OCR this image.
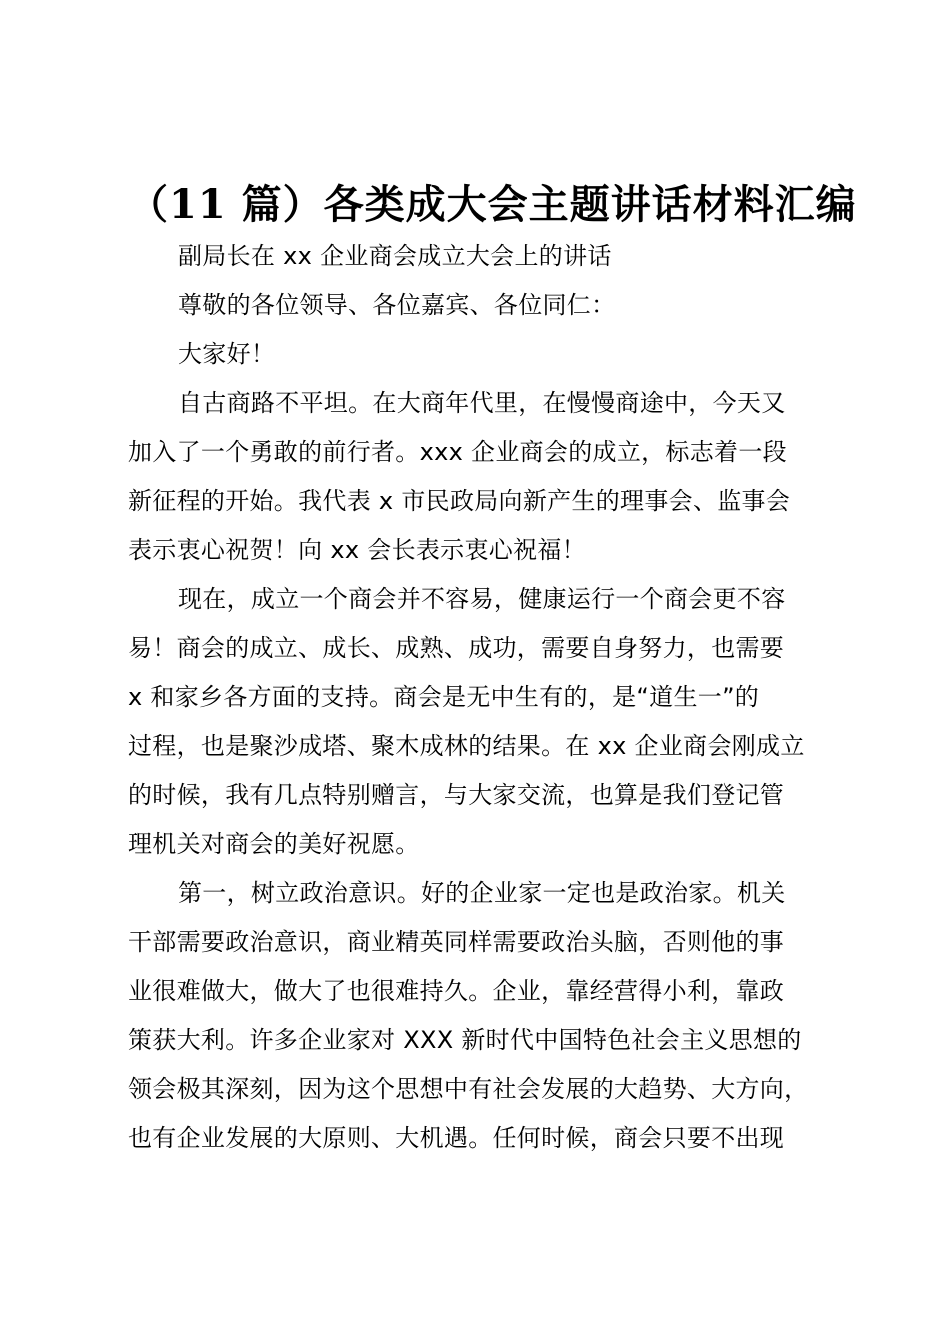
（11 篇）各类成大会主题讲话材料汇编
副局长在 xx 企业商会成立大会上的讲话
尊敬的各位领导、各位嘉宾、各位同仁：
大家好！
自古商路不平坦。在大商年代里，在慢慢商途中，今天又
加入了一个勇敢的前行者。xxx 企业商会的成立，标志着一段
新征程的开始。我代表 x 市民政局向新产生的理事会、监事会
表示衷心祝贺！向 xx 会长表示衷心祝福！
现在，成立一个商会并不容易，健康运行一个商会更不容
易！商会的成立、成长、成熟、成功，需要自身努力，也需要
x 和家乡各方面的支持。商会是无中生有的，是“道生一”的
过程，也是聚沙成塔、聚木成林的结果。在 xx 企业商会刚成立
的时候，我有几点特别赠言，与大家交流，也算是我们登记管
理机关对商会的美好祝愿。
第一，树立政治意识。好的企业家一定也是政治家。机关
干部需要政治意识，商业精英同样需要政治头脑，否则他的事
业很难做大，做大了也很难持久。企业，靠经营得小利，靠政
策获大利。许多企业家对 XXX 新时代中国特色社会主义思想的
领会极其深刻，因为这个思想中有社会发展的大趋势、大方向，
也有企业发展的大原则、大机遇。任何时候，商会只要不出现
